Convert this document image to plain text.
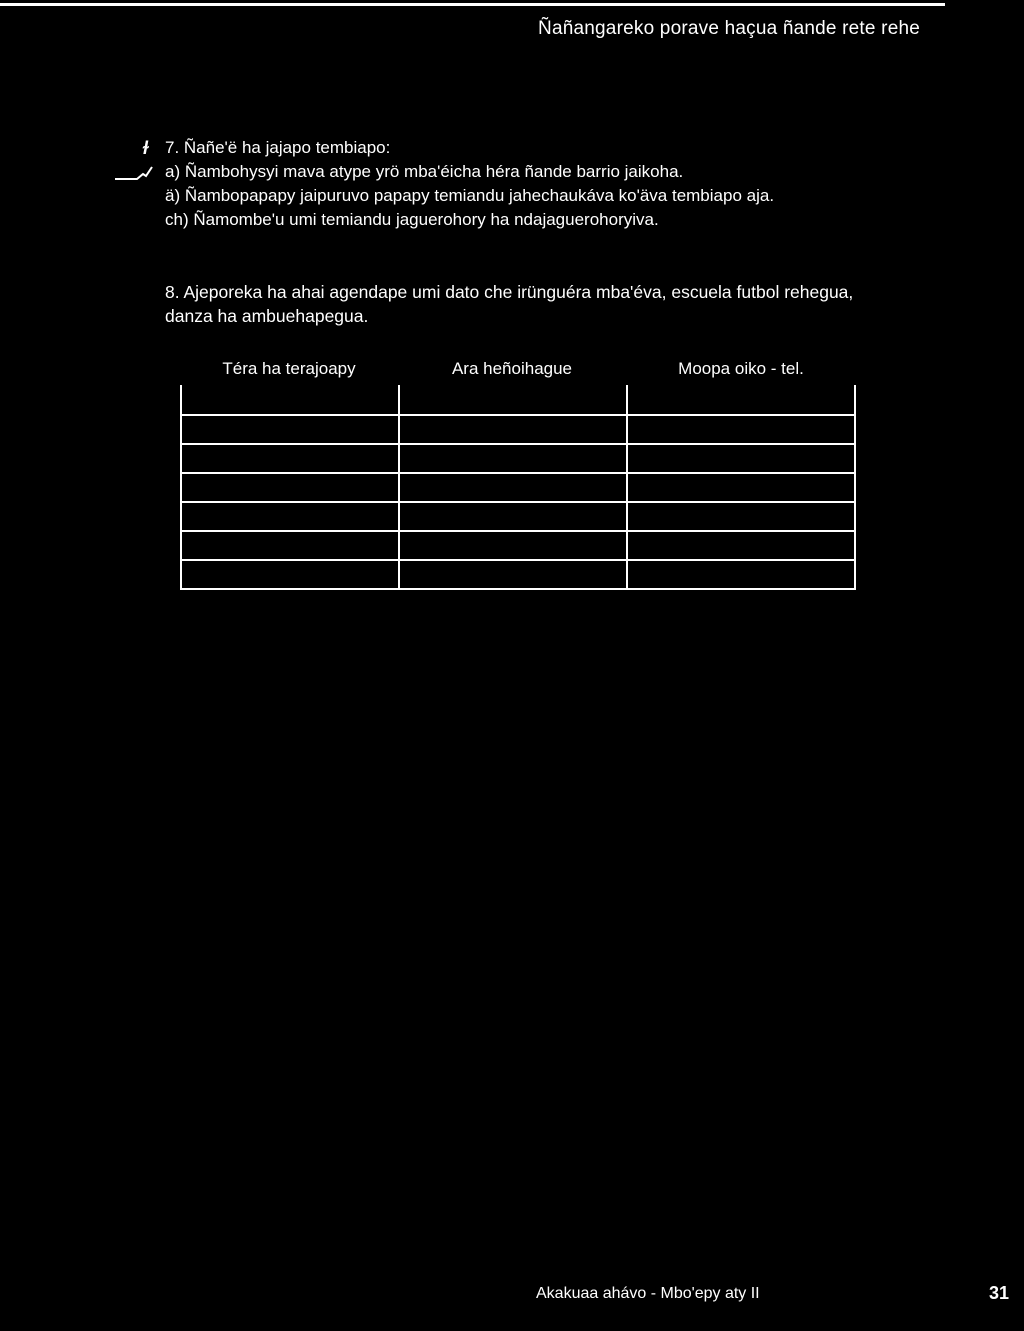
Ñañangareko porave haçua ñande rete rehe
ɫ 7. Ñañe'ë ha jajapo tembiapo:
a) Ñambohysyi mava atype yrö mba'éicha héra ñande barrio jaikoha.
ä) Ñambopapapy jaipuruvo papapy temiandu jahechaukáva ko'äva tembiapo aja.
ch) Ñamombe'u umi temiandu jaguerohory ha ndajaguerohoryiva.
8. Ajeporeka ha ahai agendape umi dato che irünguéra mba'éva, escuela futbol rehegua, danza ha ambuehapegua.
Téra ha terajoapy	Ara heñoihague	Moopa oiko - tel.
Akakuaa ahávo - Mbo'epy aty II	31
